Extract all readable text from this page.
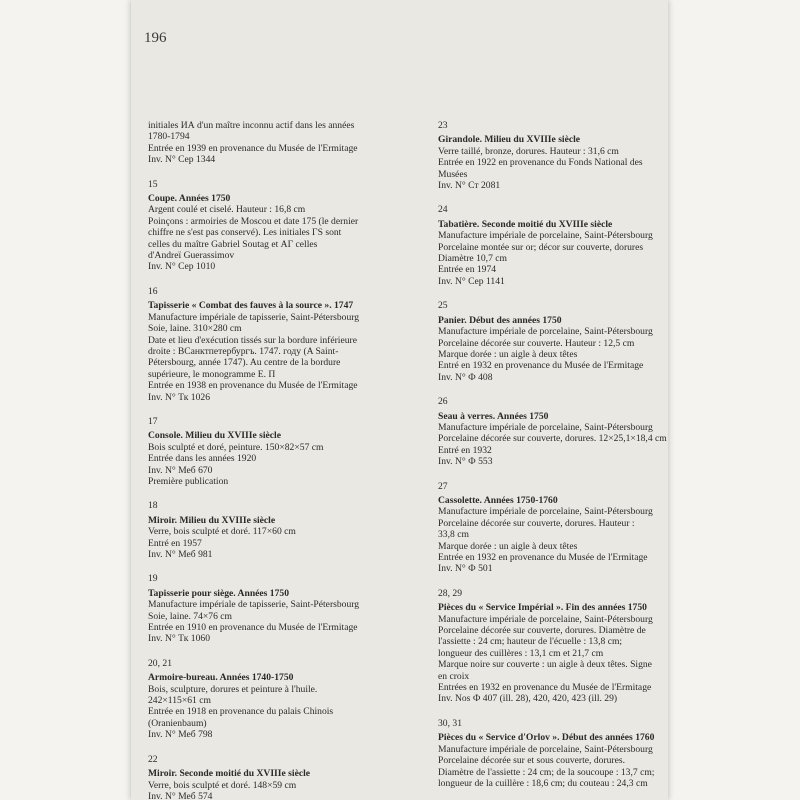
196
initiales ИА d'un maître inconnu actif dans les années
1780-1794
Entrée en 1939 en provenance du Musée de l'Ermitage
Inv. N° Cep 1344
15
Coupe. Années 1750
Argent coulé et ciselé. Hauteur : 16,8 cm
Poinçons : armoiries de Moscou et date 175 (le dernier
chiffre ne s'est pas conservé). Les initiales ГS sont
celles du maître Gabriel Soutag et АГ celles
d'Andreï Guerassimov
Inv. N° Cep 1010
16
Tapisserie « Combat des fauves à la source ». 1747
Manufacture impériale de tapisserie, Saint-Pétersbourg
Soie, laine. 310×280 cm
Date et lieu d'exécution tissés sur la bordure inférieure
droite : ВСанктпетербургъ. 1747. году (A Saint-
Pétersbourg, année 1747). Au centre de la bordure
supérieure, le monogramme Е. П
Entrée en 1938 en provenance du Musée de l'Ermitage
Inv. N° Тк 1026
17
Console. Milieu du XVIIIe siècle
Bois sculpté et doré, peinture. 150×82×57 cm
Entrée dans les années 1920
Inv. N° Меб 670
Première publication
18
Miroir. Milieu du XVIIIe siècle
Verre, bois sculpté et doré. 117×60 cm
Entré en 1957
Inv. N° Меб 981
19
Tapisserie pour siège. Années 1750
Manufacture impériale de tapisserie, Saint-Pétersbourg
Soie, laine. 74×76 cm
Entrée en 1910 en provenance du Musée de l'Ermitage
Inv. N° Тк 1060
20, 21
Armoire-bureau. Années 1740-1750
Bois, sculpture, dorures et peinture à l'huile.
242×115×61 cm
Entrée en 1918 en provenance du palais Chinois
(Oranienbaum)
Inv. N° Меб 798
22
Miroir. Seconde moitié du XVIIIe siècle
Verre, bois sculpté et doré. 148×59 cm
Inv. N° Меб 574
23
Girandole. Milieu du XVIIIe siècle
Verre taillé, bronze, dorures. Hauteur : 31,6 cm
Entrée en 1922 en provenance du Fonds National des
Musées
Inv. N° Ст 2081
24
Tabatière. Seconde moitié du XVIIIe siècle
Manufacture impériale de porcelaine, Saint-Pétersbourg
Porcelaine montée sur or; décor sur couverte, dorures
Diamètre 10,7 cm
Entrée en 1974
Inv. N° Cep 1141
25
Panier. Début des années 1750
Manufacture impériale de porcelaine, Saint-Pétersbourg
Porcelaine décorée sur couverte. Hauteur : 12,5 cm
Marque dorée : un aigle à deux têtes
Entré en 1932 en provenance du Musée de l'Ermitage
Inv. N° Ф 408
26
Seau à verres. Années 1750
Manufacture impériale de porcelaine, Saint-Pétersbourg
Porcelaine décorée sur couverte, dorures. 12×25,1×18,4 cm
Entré en 1932
Inv. N° Ф 553
27
Cassolette. Années 1750-1760
Manufacture impériale de porcelaine, Saint-Pétersbourg
Porcelaine décorée sur couverte, dorures. Hauteur :
33,8 cm
Marque dorée : un aigle à deux têtes
Entrée en 1932 en provenance du Musée de l'Ermitage
Inv. N° Ф 501
28, 29
Pièces du « Service Impérial ». Fin des années 1750
Manufacture impériale de porcelaine, Saint-Pétersbourg
Porcelaine décorée sur couverte, dorures. Diamètre de
l'assiette : 24 cm; hauteur de l'écuelle : 13,8 cm;
longueur des cuillères : 13,1 cm et 21,7 cm
Marque noire sur couverte : un aigle à deux têtes. Signe
en croix
Entrées en 1932 en provenance du Musée de l'Ermitage
Inv. Nos Ф 407 (ill. 28), 420, 420, 423 (ill. 29)
30, 31
Pièces du « Service d'Orlov ». Début des années 1760
Manufacture impériale de porcelaine, Saint-Pétersbourg
Porcelaine décorée sur et sous couverte, dorures.
Diamètre de l'assiette : 24 cm; de la soucoupe : 13,7 cm;
longueur de la cuillère : 18,6 cm; du couteau : 24,3 cm
